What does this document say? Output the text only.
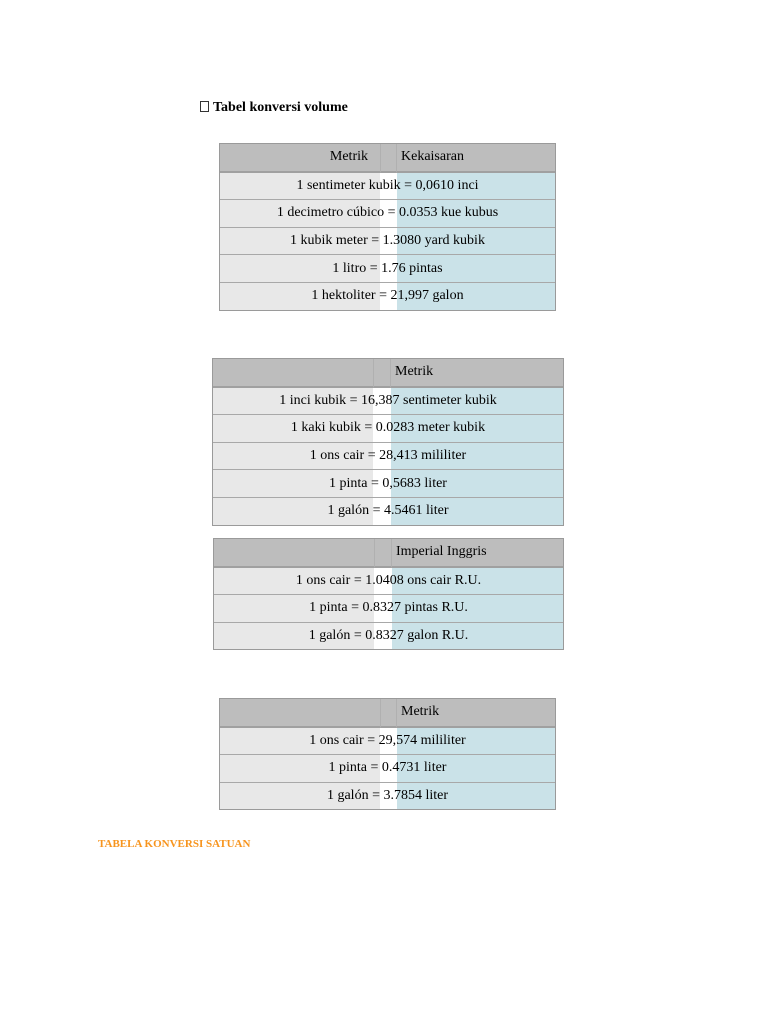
Tabel konversi volume
Metrik		Kekaisaran
1 sentimeter kubik = 0,0610 inci
1 decimetro cúbico = 0.0353 kue kubus
1 kubik meter = 1.3080 yard kubik
1 litro = 1.76 pintas
1 hektoliter = 21,997 galon
		Metrik
1 inci kubik = 16,387 sentimeter kubik
1 kaki kubik = 0.0283 meter kubik
1 ons cair = 28,413 mililiter
1 pinta = 0,5683 liter
1 galón = 4.5461 liter
		Imperial Inggris
1 ons cair = 1.0408 ons cair R.U.
1 pinta = 0.8327 pintas R.U.
1 galón = 0.8327 galon R.U.
		Metrik
1 ons cair = 29,574 mililiter
1 pinta = 0.4731 liter
1 galón = 3.7854 liter
TABELA KONVERSI SATUAN
